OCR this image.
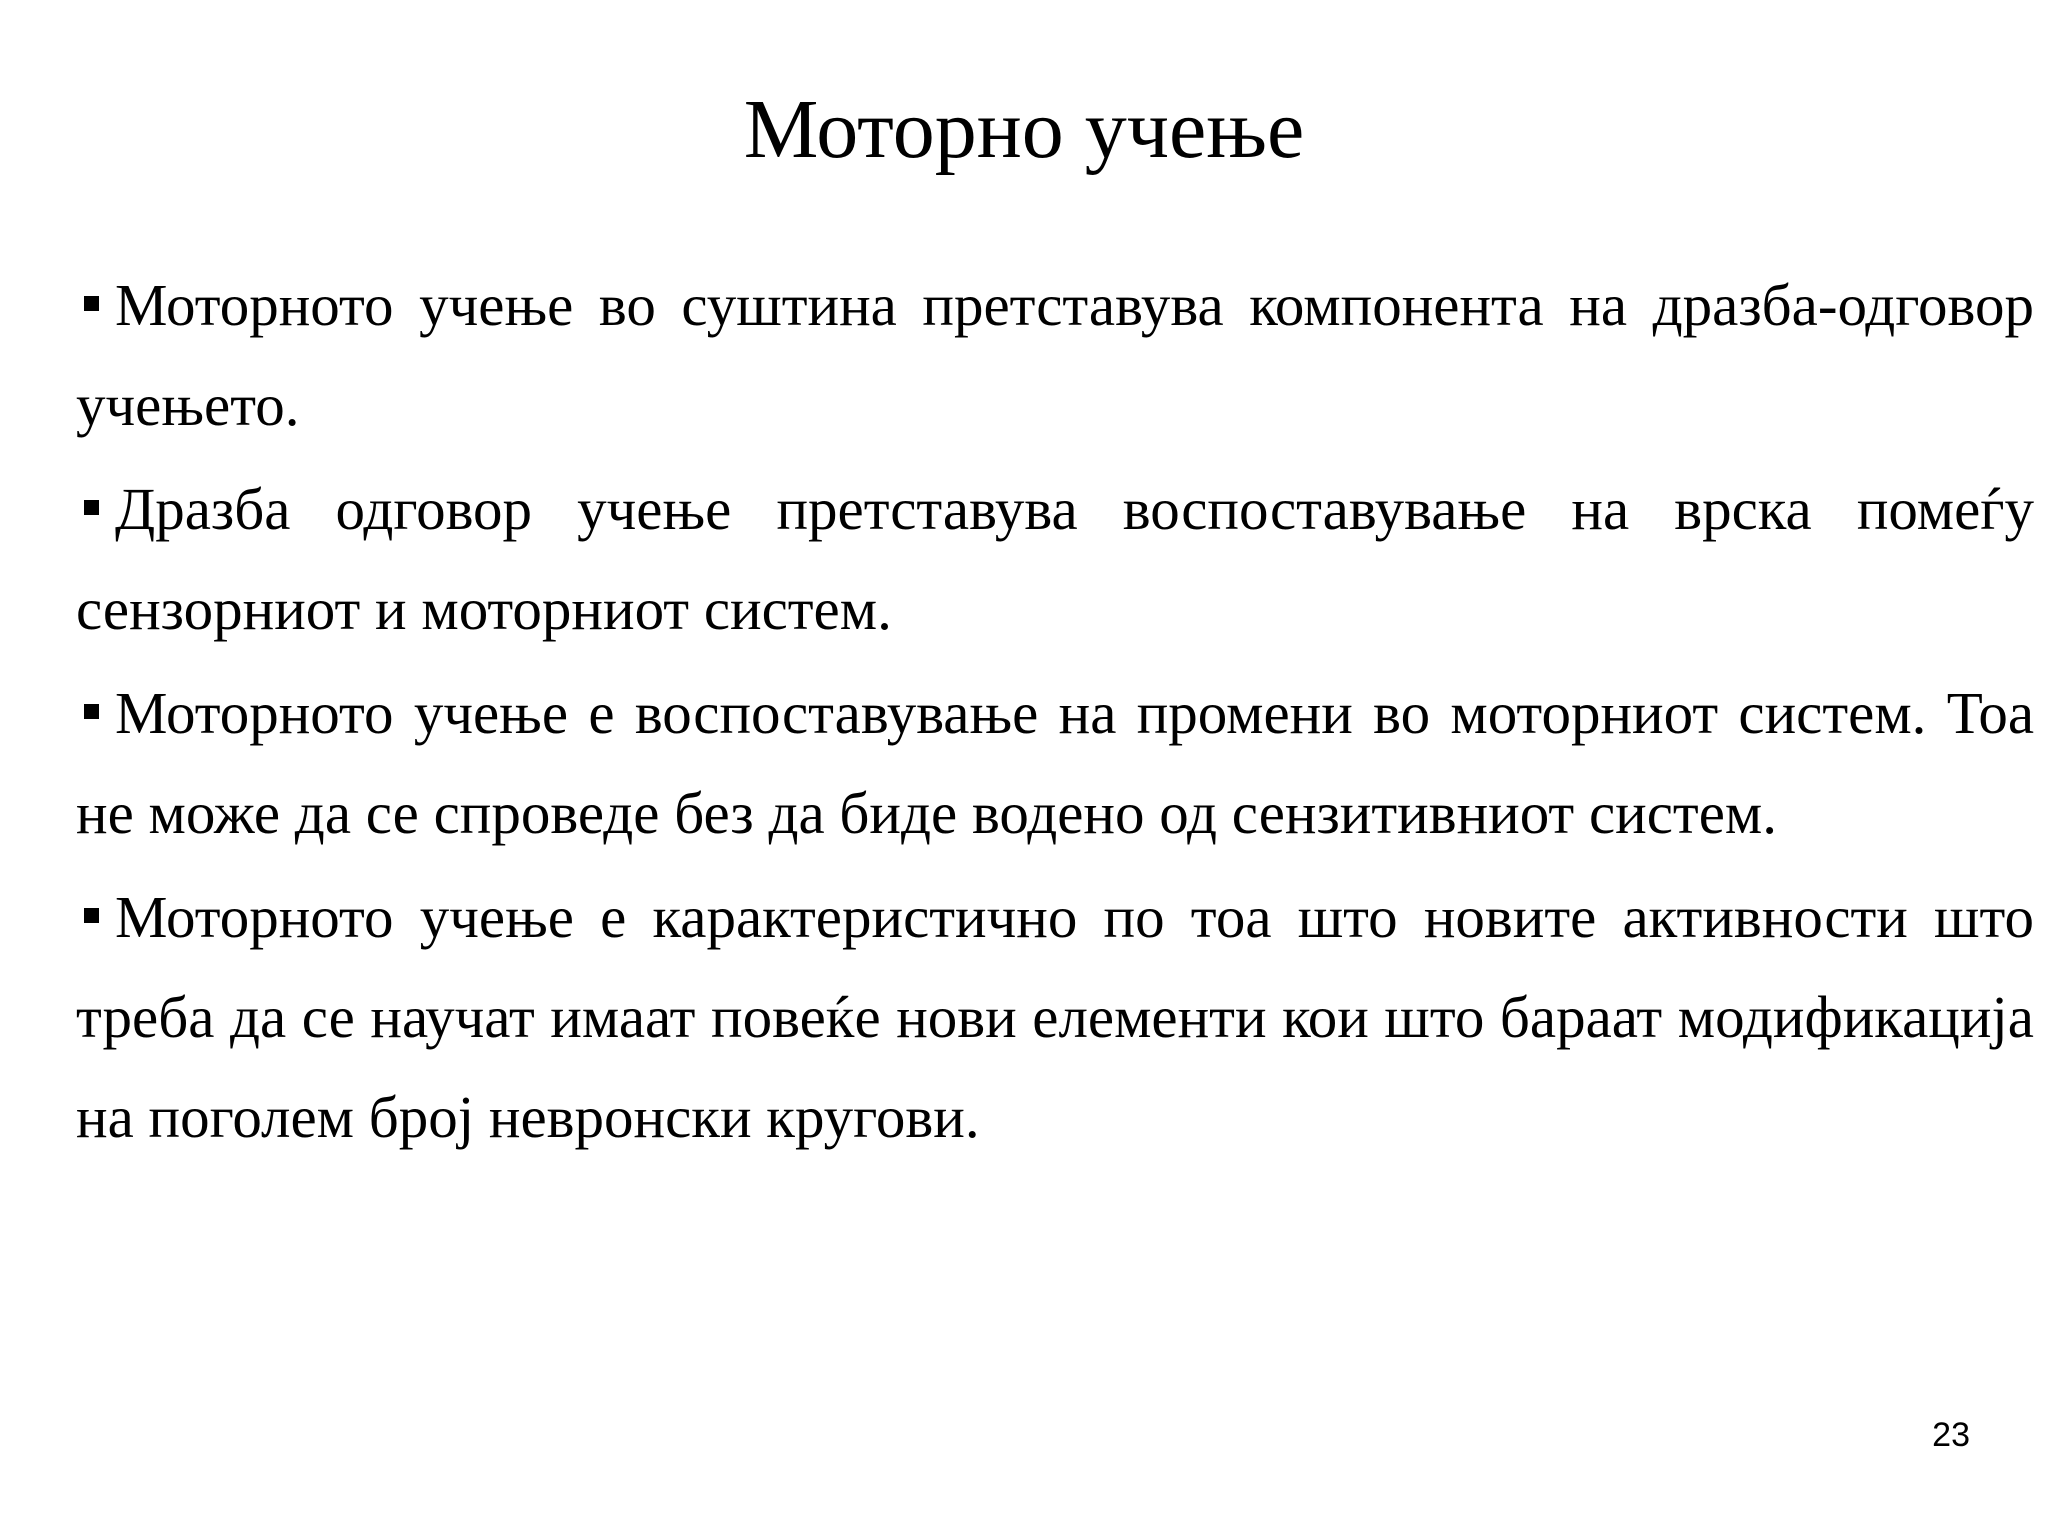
Моторно учење
Моторното учење во суштина претставува компонента на дразба-одговор учењето.
Дразба одговор учење претставува воспоставување на врска помеѓу сензорниот и моторниот систем.
Моторното учење е воспоставување на промени во моторниот систем. Тоа не може да се спроведе без да биде водено од сензитивниот систем.
Моторното учење е карактеристично по тоа што новите активности што треба да се научат имаат повеќе нови елементи кои што бараат модификација на поголем број невронски кругови.
23
